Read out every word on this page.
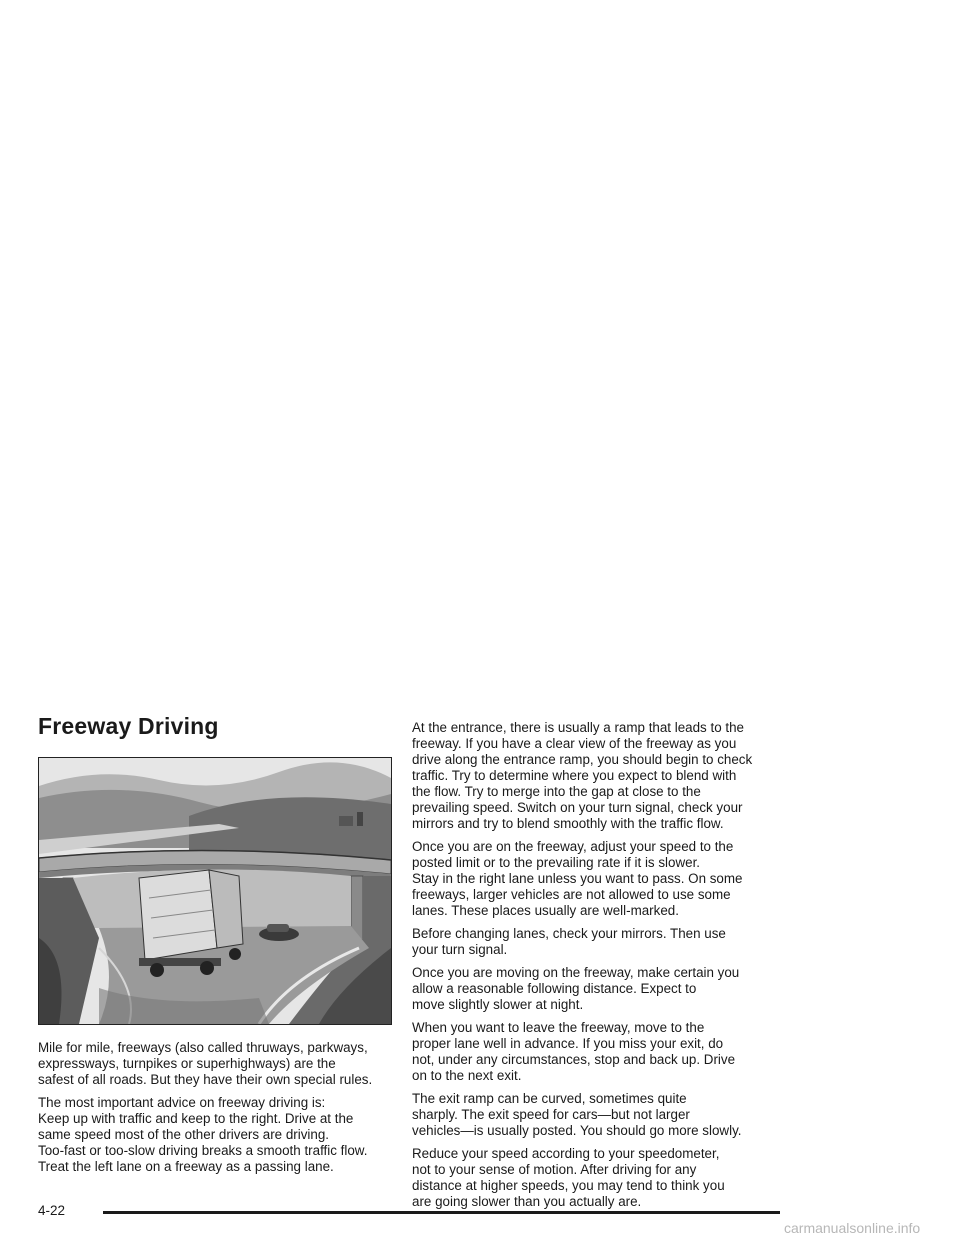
Freeway Driving

Mile for mile, freeways (also called thruways, parkways,
expressways, turnpikes or superhighways) are the
safest of all roads. But they have their own special rules.

The most important advice on freeway driving is:
Keep up with traffic and keep to the right. Drive at the
same speed most of the other drivers are driving.
Too-fast or too-slow driving breaks a smooth traffic flow.
Treat the left lane on a freeway as a passing lane.

At the entrance, there is usually a ramp that leads to the
freeway. If you have a clear view of the freeway as you
drive along the entrance ramp, you should begin to check
traffic. Try to determine where you expect to blend with
the flow. Try to merge into the gap at close to the
prevailing speed. Switch on your turn signal, check your
mirrors and try to blend smoothly with the traffic flow.

Once you are on the freeway, adjust your speed to the
posted limit or to the prevailing rate if it is slower.
Stay in the right lane unless you want to pass. On some
freeways, larger vehicles are not allowed to use some
lanes. These places usually are well-marked.

Before changing lanes, check your mirrors. Then use
your turn signal.

Once you are moving on the freeway, make certain you
allow a reasonable following distance. Expect to
move slightly slower at night.

When you want to leave the freeway, move to the
proper lane well in advance. If you miss your exit, do
not, under any circumstances, stop and back up. Drive
on to the next exit.

The exit ramp can be curved, sometimes quite
sharply. The exit speed for cars—but not larger
vehicles—is usually posted. You should go more slowly.

Reduce your speed according to your speedometer,
not to your sense of motion. After driving for any
distance at higher speeds, you may tend to think you
are going slower than you actually are.

4-22
carmanualsonline.info
